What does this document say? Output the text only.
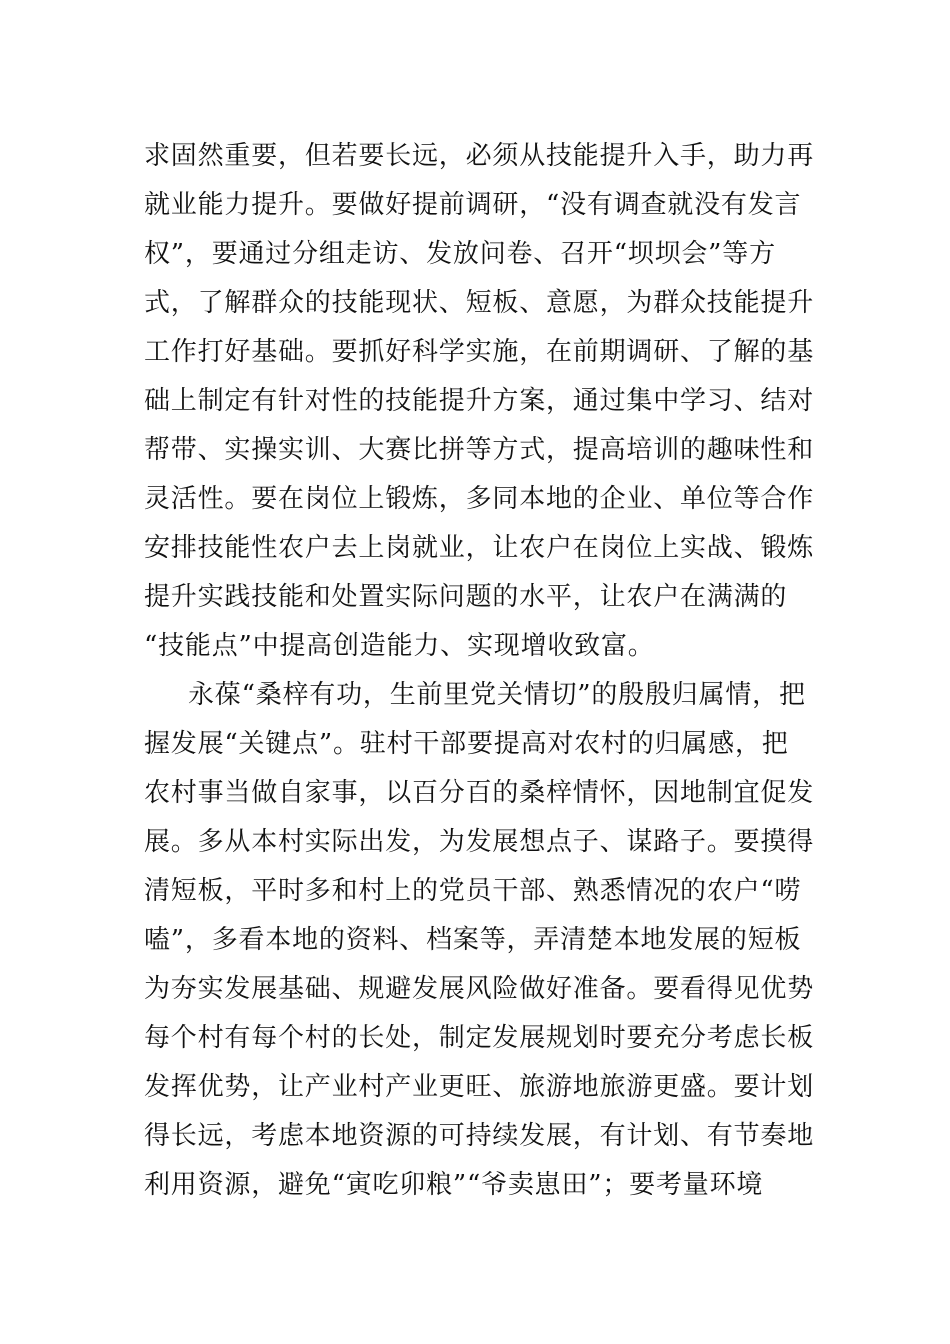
求固然重要，但若要长远，必须从技能提升入手，助力再
就业能力提升。要做好提前调研，“没有调查就没有发言
权”，要通过分组走访、发放问卷、召开“坝坝会”等方
式，了解群众的技能现状、短板、意愿，为群众技能提升
工作打好基础。要抓好科学实施，在前期调研、了解的基
础上制定有针对性的技能提升方案，通过集中学习、结对
帮带、实操实训、大赛比拼等方式，提高培训的趣味性和
灵活性。要在岗位上锻炼，多同本地的企业、单位等合作
安排技能性农户去上岗就业，让农户在岗位上实战、锻炼
提升实践技能和处置实际问题的水平，让农户在满满的
“技能点”中提高创造能力、实现增收致富。
永葆“桑梓有功，生前里党关情切”的殷殷归属情，把
握发展“关键点”。驻村干部要提高对农村的归属感，把
农村事当做自家事，以百分百的桑梓情怀，因地制宜促发
展。多从本村实际出发，为发展想点子、谋路子。要摸得
清短板，平时多和村上的党员干部、熟悉情况的农户“唠
嗑”，多看本地的资料、档案等，弄清楚本地发展的短板
为夯实发展基础、规避发展风险做好准备。要看得见优势
每个村有每个村的长处，制定发展规划时要充分考虑长板
发挥优势，让产业村产业更旺、旅游地旅游更盛。要计划
得长远，考虑本地资源的可持续发展，有计划、有节奏地
利用资源，避免“寅吃卯粮”“爷卖崽田”；要考量环境
